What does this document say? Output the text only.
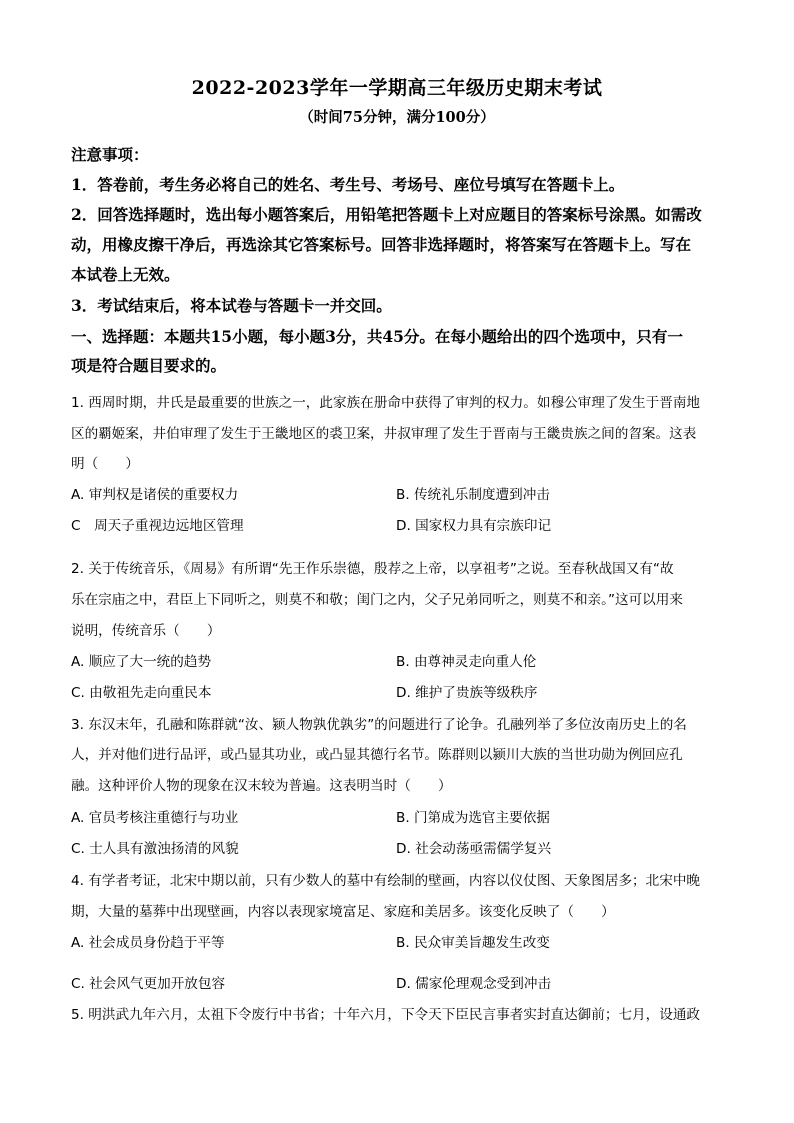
2022-2023学年一学期高三年级历史期末考试
（时间75分钟，满分100分）
注意事项：
1．答卷前，考生务必将自己的姓名、考生号、考场号、座位号填写在答题卡上。
2．回答选择题时，选出每小题答案后，用铅笔把答题卡上对应题目的答案标号涂黑。如需改
动，用橡皮擦干净后，再选涂其它答案标号。回答非选择题时，将答案写在答题卡上。写在
本试卷上无效。
3．考试结束后，将本试卷与答题卡一并交回。
一、选择题：本题共15小题，每小题3分，共45分。在每小题给出的四个选项中，只有一
项是符合题目要求的。
1. 西周时期，井氏是最重要的世族之一，此家族在册命中获得了审判的权力。如穆公审理了发生于晋南地
区的覇姬案，井伯审理了发生于王畿地区的裘卫案，井叔审理了发生于晋南与王畿贵族之间的曶案。这表
明（　　）
A. 审判权是诸侯的重要权力	B. 传统礼乐制度遭到冲击
C　周天子重视边远地区管理	D. 国家权力具有宗族印记
2. 关于传统音乐，《周易》有所谓“先王作乐崇德，殷荐之上帝，以享祖考”之说。至春秋战国又有“故
乐在宗庙之中，君臣上下同听之，则莫不和敬；闺门之内，父子兄弟同听之，则莫不和亲。”这可以用来
说明，传统音乐（　　）
A. 顺应了大一统的趋势	B. 由尊神灵走向重人伦
C. 由敬祖先走向重民本	D. 维护了贵族等级秩序
3. 东汉末年，孔融和陈群就“汝、颍人物孰优孰劣”的问题进行了论争。孔融列举了多位汝南历史上的名
人，并对他们进行品评，或凸显其功业，或凸显其德行名节。陈群则以颍川大族的当世功勋为例回应孔
融。这种评价人物的现象在汉末较为普遍。这表明当时（　　）
A. 官员考核注重德行与功业	B. 门第成为选官主要依据
C. 士人具有激浊扬清的风貌	D. 社会动荡亟需儒学复兴
4. 有学者考证，北宋中期以前，只有少数人的墓中有绘制的壁画，内容以仪仗图、天象图居多；北宋中晚
期，大量的墓葬中出现壁画，内容以表现家境富足、家庭和美居多。该变化反映了（　　）
A. 社会成员身份趋于平等	B. 民众审美旨趣发生改变
C. 社会风气更加开放包容	D. 儒家伦理观念受到冲击
5. 明洪武九年六月，太祖下令废行中书省；十年六月，下令天下臣民言事者实封直达御前；七月，设通政
